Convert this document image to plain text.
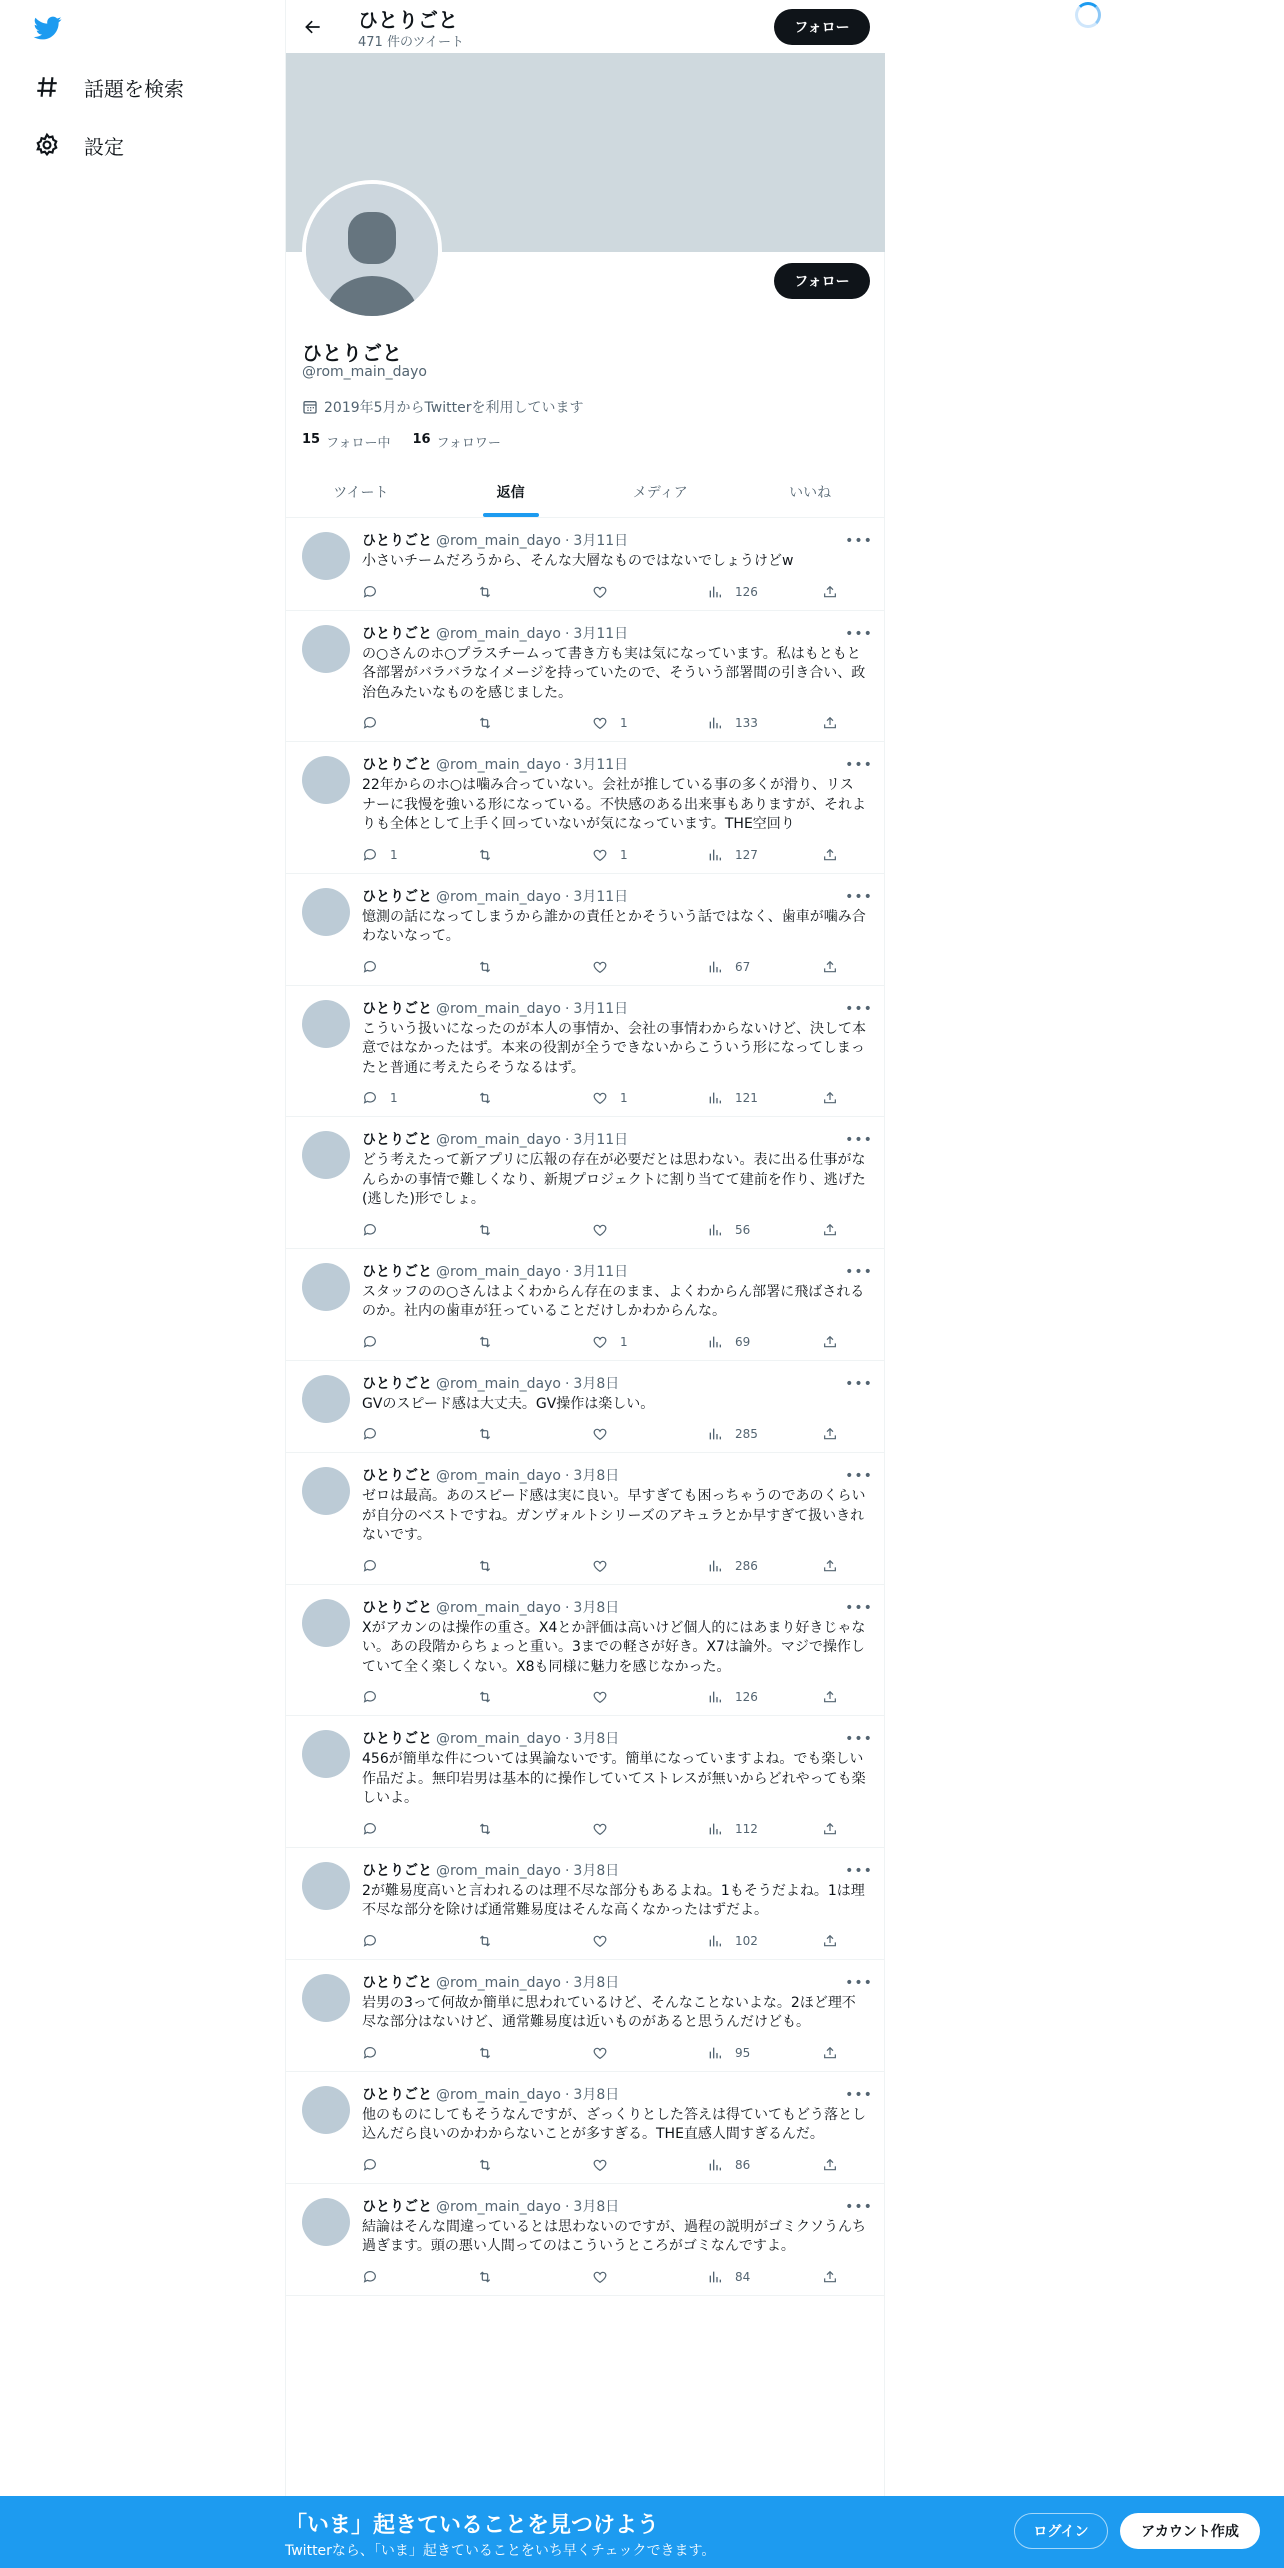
話題を検索
設定
ひとりごと
471 件のツイート
フォロー
フォロー
ひとりごと
@rom_main_dayo
2019年5月からTwitterを利用しています
15 フォロー中 16 フォロワー
ツイート	返信	メディア	いいね
•••
ひとりごと @rom_main_dayo · 3月11日
小さいチームだろうから、そんな大層なものではないでしょうけどw
126
•••
ひとりごと @rom_main_dayo · 3月11日
の○さんのホ○プラスチームって書き方も実は気になっています。私はもともと各部署がバラバラなイメージを持っていたので、そういう部署間の引き合い、政治色みたいなものを感じました。
1	133
•••
ひとりごと @rom_main_dayo · 3月11日
22年からのホ○は噛み合っていない。会社が推している事の多くが滑り、リスナーに我慢を強いる形になっている。不快感のある出来事もありますが、それよりも全体として上手く回っていないが気になっています。THE空回り
1	1	127
•••
ひとりごと @rom_main_dayo · 3月11日
憶測の話になってしまうから誰かの責任とかそういう話ではなく、歯車が噛み合わないなって。
67
•••
ひとりごと @rom_main_dayo · 3月11日
こういう扱いになったのが本人の事情か、会社の事情わからないけど、決して本意ではなかったはず。本来の役割が全うできないからこういう形になってしまったと普通に考えたらそうなるはず。
1	1	121
•••
ひとりごと @rom_main_dayo · 3月11日
どう考えたって新アプリに広報の存在が必要だとは思わない。表に出る仕事がなんらかの事情で難しくなり、新規プロジェクトに割り当てて建前を作り、逃げた(逃した)形でしょ。
56
•••
ひとりごと @rom_main_dayo · 3月11日
スタッフのの○さんはよくわからん存在のまま、よくわからん部署に飛ばされるのか。社内の歯車が狂っていることだけしかわからんな。
1	69
•••
ひとりごと @rom_main_dayo · 3月8日
GVのスピード感は大丈夫。GV操作は楽しい。
285
•••
ひとりごと @rom_main_dayo · 3月8日
ゼロは最高。あのスピード感は実に良い。早すぎても困っちゃうのであのくらいが自分のベストですね。ガンヴォルトシリーズのアキュラとか早すぎて扱いきれないです。
286
•••
ひとりごと @rom_main_dayo · 3月8日
Xがアカンのは操作の重さ。X4とか評価は高いけど個人的にはあまり好きじゃない。あの段階からちょっと重い。3までの軽さが好き。X7は論外。マジで操作していて全く楽しくない。X8も同様に魅力を感じなかった。
126
•••
ひとりごと @rom_main_dayo · 3月8日
456が簡単な件については異論ないです。簡単になっていますよね。でも楽しい作品だよ。無印岩男は基本的に操作していてストレスが無いからどれやっても楽しいよ。
112
•••
ひとりごと @rom_main_dayo · 3月8日
2が難易度高いと言われるのは理不尽な部分もあるよね。1もそうだよね。1は理不尽な部分を除けば通常難易度はそんな高くなかったはずだよ。
102
•••
ひとりごと @rom_main_dayo · 3月8日
岩男の3って何故か簡単に思われているけど、そんなことないよな。2ほど理不尽な部分はないけど、通常難易度は近いものがあると思うんだけども。
95
•••
ひとりごと @rom_main_dayo · 3月8日
他のものにしてもそうなんですが、ざっくりとした答えは得ていてもどう落とし込んだら良いのかわからないことが多すぎる。THE直感人間すぎるんだ。
86
•••
ひとりごと @rom_main_dayo · 3月8日
結論はそんな間違っているとは思わないのですが、過程の説明がゴミクソうんち過ぎます。頭の悪い人間ってのはこういうところがゴミなんですよ。
84
「いま」起きていることを見つけよう
Twitterなら、「いま」起きていることをいち早くチェックできます。
ログイン	アカウント作成
